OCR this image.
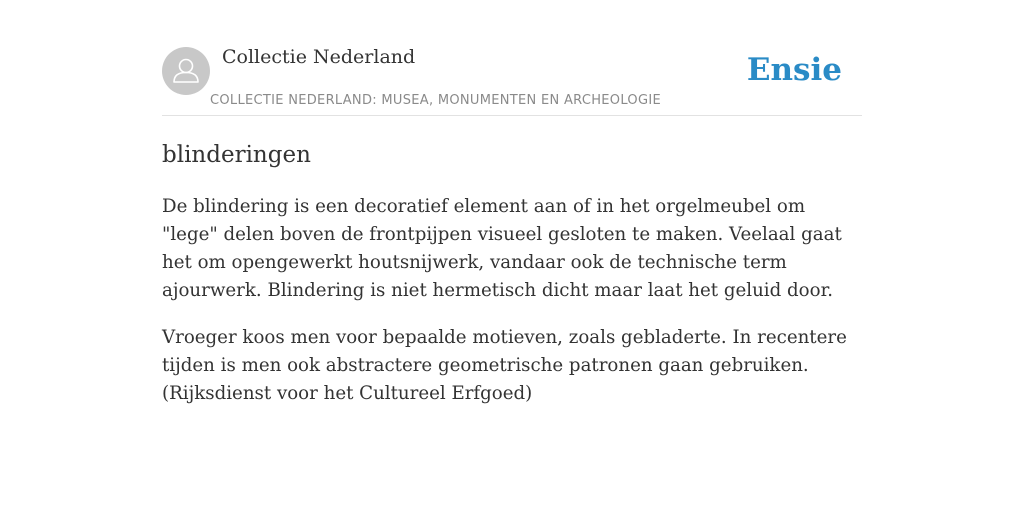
Collectie Nederland
COLLECTIE NEDERLAND: MUSEA, MONUMENTEN EN ARCHEOLOGIE
Ensie
blinderingen

De blindering is een decoratief element aan of in het orgelmeubel om "lege" delen boven de frontpijpen visueel gesloten te maken. Veelaal gaat het om opengewerkt houtsnijwerk, vandaar ook de technische term ajourwerk. Blindering is niet hermetisch dicht maar laat het geluid door.

Vroeger koos men voor bepaalde motieven, zoals gebladerte. In recentere tijden is men ook abstractere geometrische patronen gaan gebruiken. (Rijksdienst voor het Cultureel Erfgoed)
